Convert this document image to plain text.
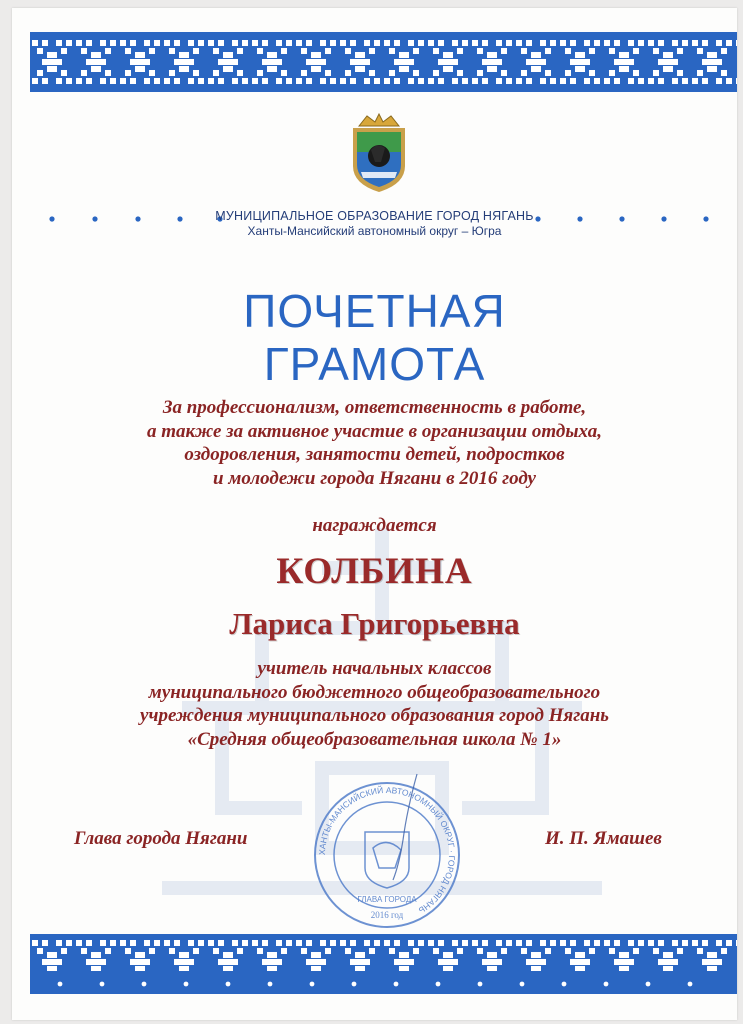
МУНИЦИПАЛЬНОЕ ОБРАЗОВАНИЕ ГОРОД НЯГАНЬ
Ханты-Мансийский автономный округ – Югра
ПОЧЕТНАЯ
ГРАМОТА
За профессионализм, ответственность в работе,
а также за активное участие в организации отдыха,
оздоровления, занятости детей, подростков
и молодежи города Нягани в 2016 году
награждается
КОЛБИНА
Лариса Григорьевна
учитель начальных классов
муниципального бюджетного общеобразовательного
учреждения муниципального образования город Нягань
«Средняя общеобразовательная школа № 1»
Глава города Нягани	И. П. Ямашев
ХАНТЫ-МАНСИЙСКИЙ АВТОНОМНЫЙ ОКРУГ · ГОРОД НЯГАНЬ
ГЛАВА ГОРОДА
2016 год
